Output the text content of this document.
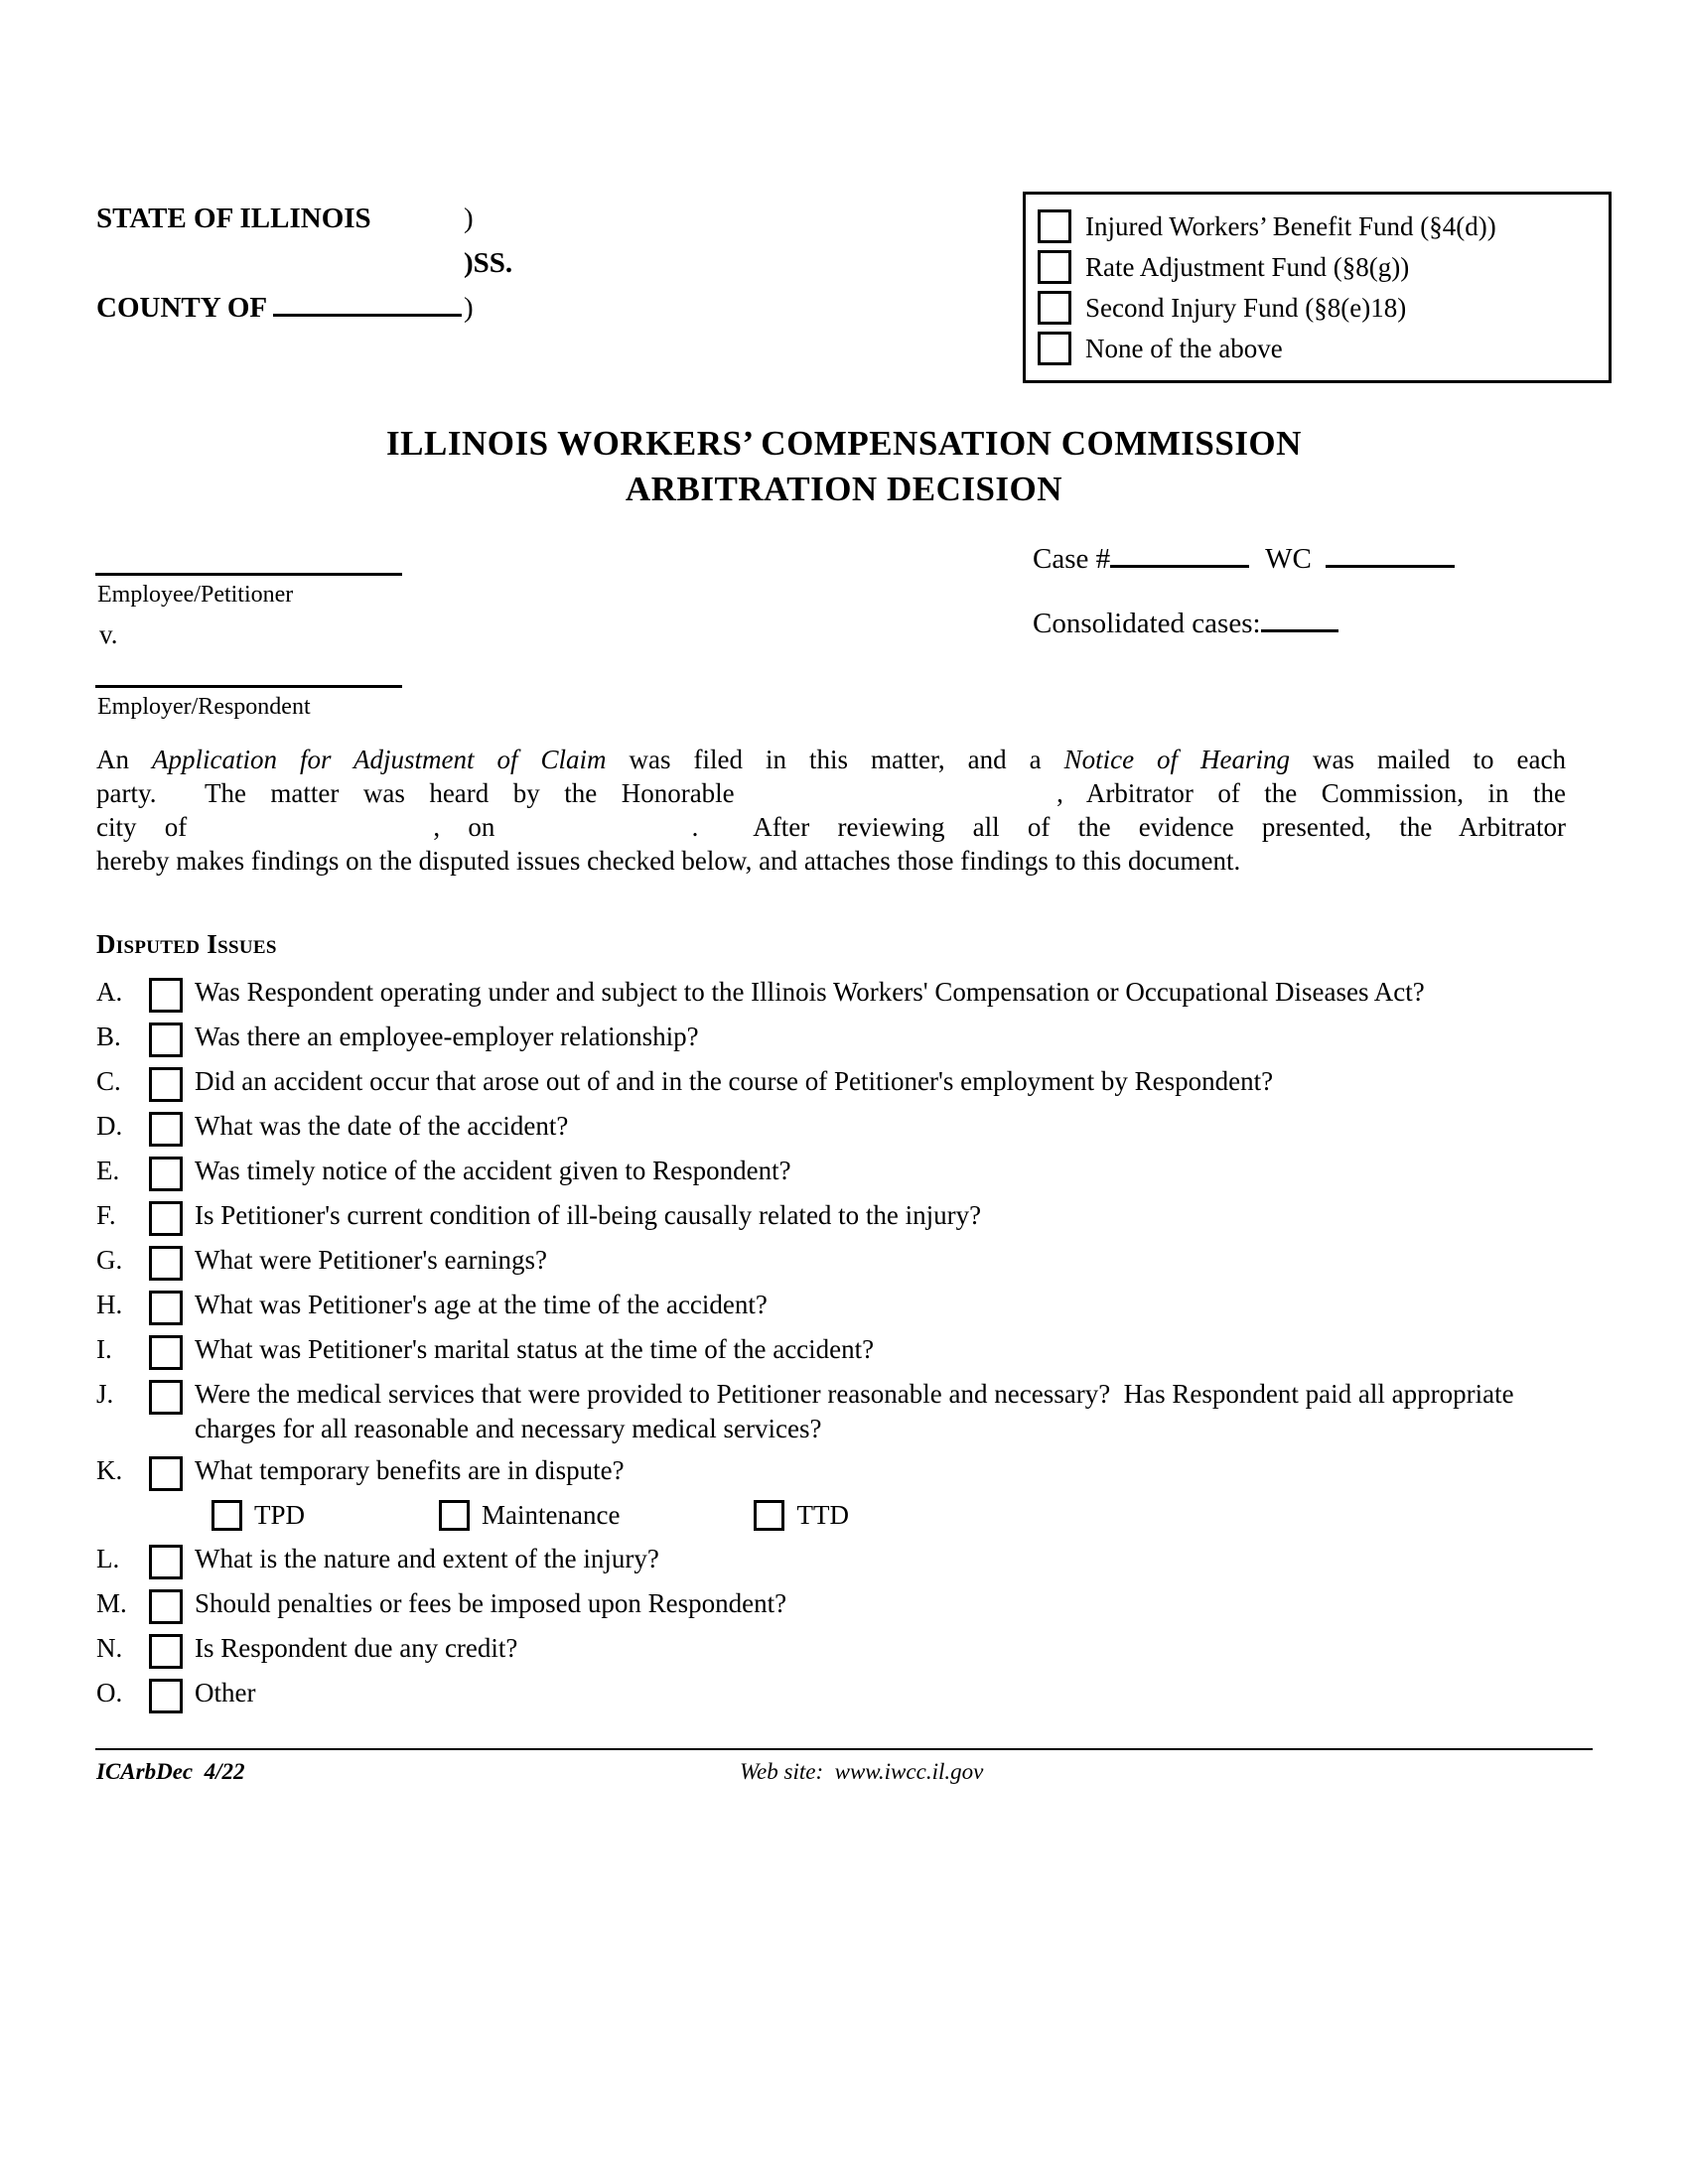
STATE OF ILLINOIS	)
)SS.
COUNTY OF	)
Injured Workers’ Benefit Fund (§4(d))
Rate Adjustment Fund (§8(g))
Second Injury Fund (§8(e)18)
None of the above
ILLINOIS WORKERS’ COMPENSATION COMMISSION
ARBITRATION DECISION
Case #	WC
Consolidated cases:
Employee/Petitioner
v.
Employer/Respondent
An Application for Adjustment of Claim was filed in this matter, and a Notice of Hearing was mailed to each
party.  The matter was heard by the Honorable	, Arbitrator of the Commission, in the
city of	, on	.  After reviewing all of the evidence presented, the Arbitrator
hereby makes findings on the disputed issues checked below, and attaches those findings to this document.
Disputed Issues
A.	Was Respondent operating under and subject to the Illinois Workers' Compensation or Occupational Diseases Act?
B.	Was there an employee-employer relationship?
C.	Did an accident occur that arose out of and in the course of Petitioner's employment by Respondent?
D.	What was the date of the accident?
E.	Was timely notice of the accident given to Respondent?
F.	Is Petitioner's current condition of ill-being causally related to the injury?
G.	What were Petitioner's earnings?
H.	What was Petitioner's age at the time of the accident?
I.	What was Petitioner's marital status at the time of the accident?
J.	Were the medical services that were provided to Petitioner reasonable and necessary?  Has Respondent paid all appropriate charges for all reasonable and necessary medical services?
K.	What temporary benefits are in dispute?
TPD	Maintenance	TTD
L.	What is the nature and extent of the injury?
M.	Should penalties or fees be imposed upon Respondent?
N.	Is Respondent due any credit?
O.	Other
ICArbDec  4/22	Web site:  www.iwcc.il.gov
